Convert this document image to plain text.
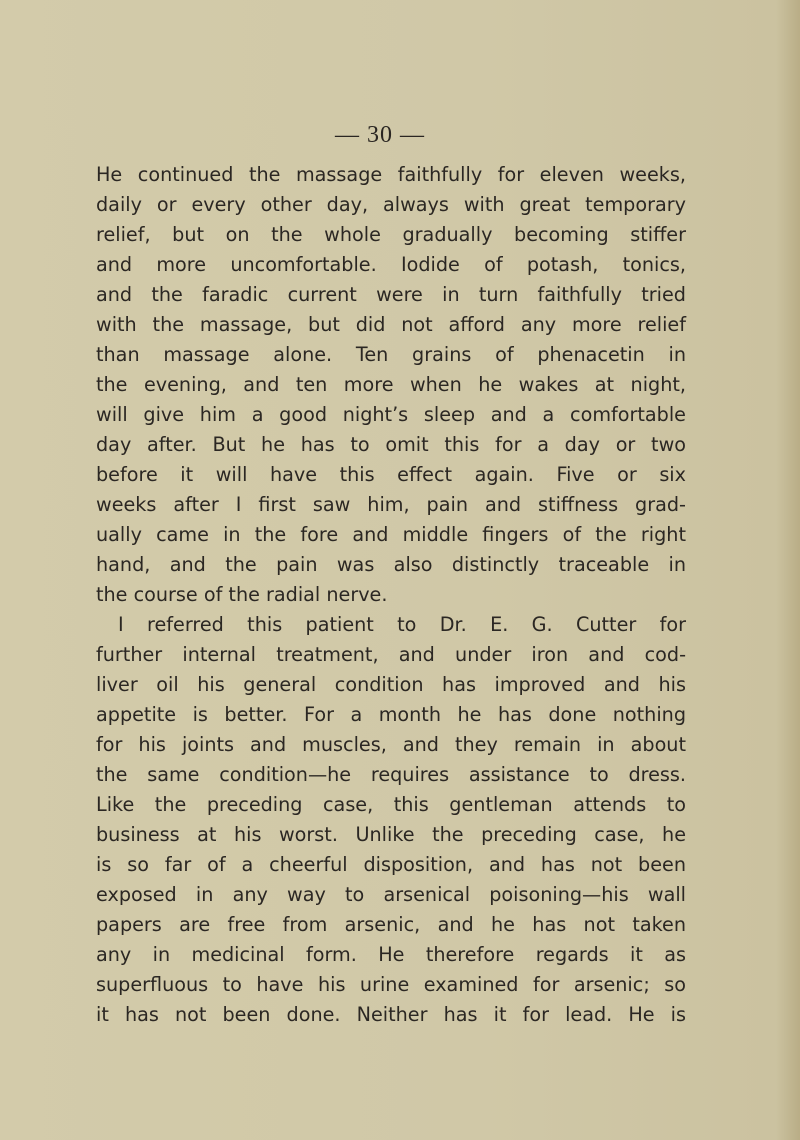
— 30 —
He continued the massage faithfully for eleven weeks,
daily or every other day, always with great temporary
relief, but on the whole gradually becoming stiffer
and more uncomfortable. Iodide of potash, tonics,
and the faradic current were in turn faithfully tried
with the massage, but did not afford any more relief
than massage alone. Ten grains of phenacetin in
the evening, and ten more when he wakes at night,
will give him a good night’s sleep and a comfortable
day after. But he has to omit this for a day or two
before it will have this effect again. Five or six
weeks after I first saw him, pain and stiffness grad-
ually came in the fore and middle fingers of the right
hand, and the pain was also distinctly traceable in
the course of the radial nerve.
I referred this patient to Dr. E. G. Cutter for
further internal treatment, and under iron and cod-
liver oil his general condition has improved and his
appetite is better. For a month he has done nothing
for his joints and muscles, and they remain in about
the same condition—he requires assistance to dress.
Like the preceding case, this gentleman attends to
business at his worst. Unlike the preceding case, he
is so far of a cheerful disposition, and has not been
exposed in any way to arsenical poisoning—his wall
papers are free from arsenic, and he has not taken
any in medicinal form. He therefore regards it as
superfluous to have his urine examined for arsenic; so
it has not been done. Neither has it for lead. He is
